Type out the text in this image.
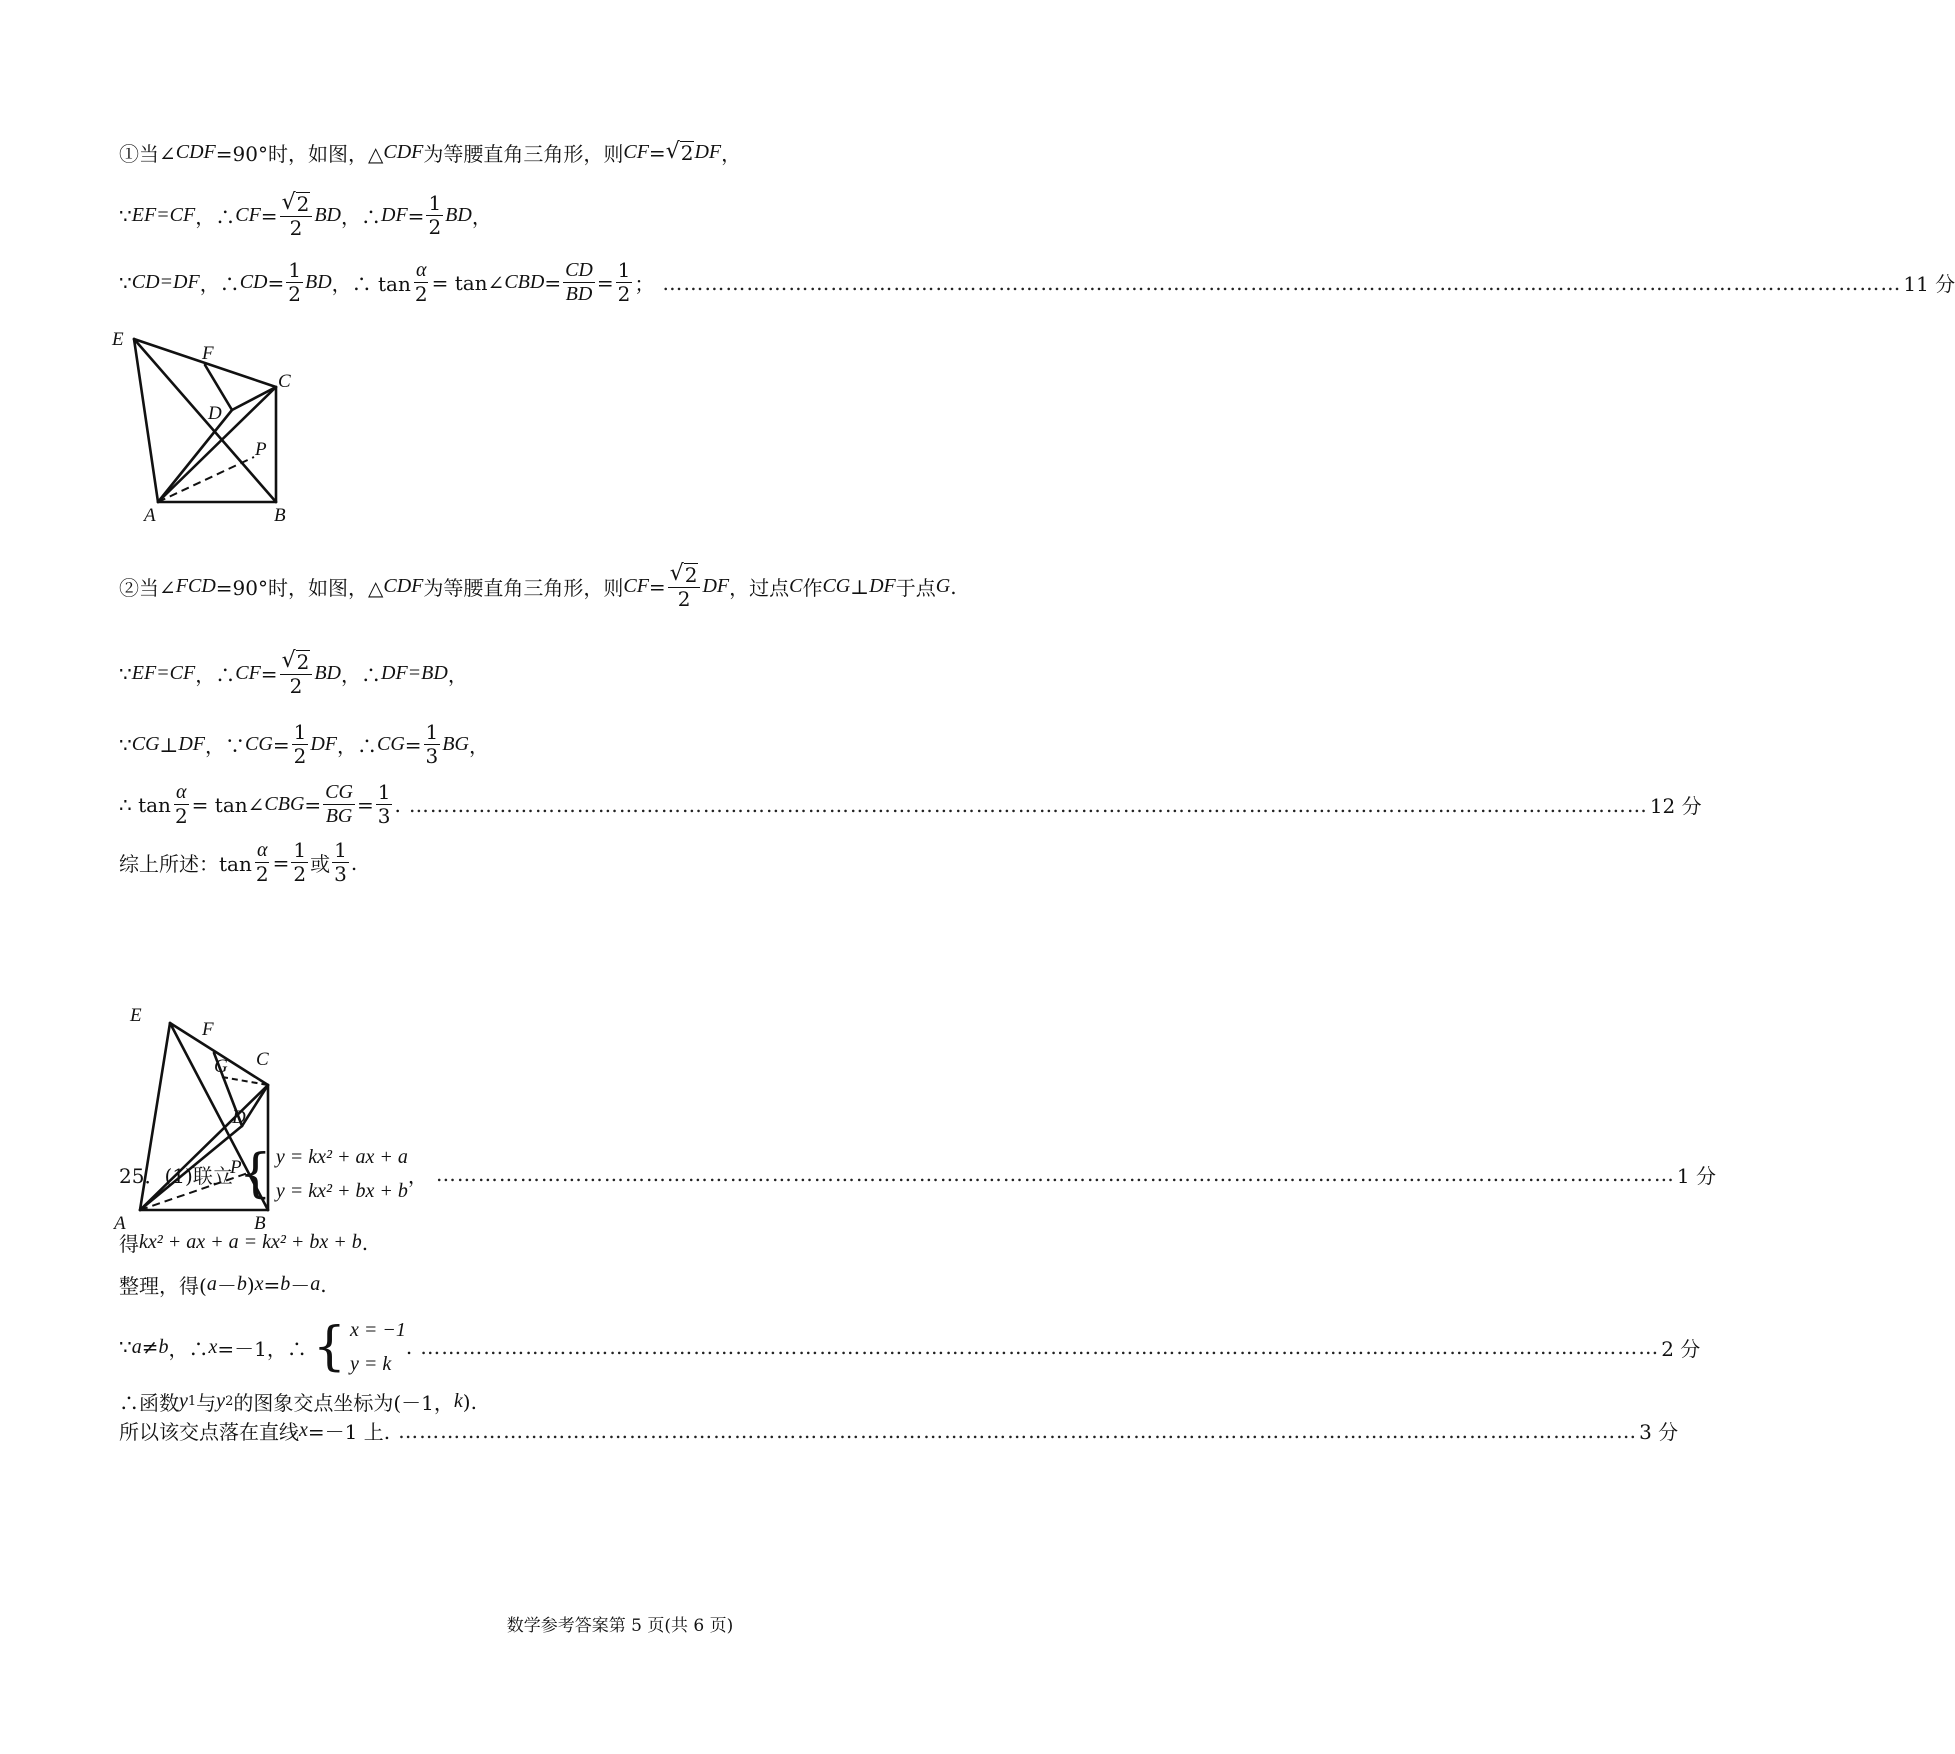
①当∠ CDF =90°时，如图，△ CDF 为等腰直角三角形，则 CF = √ 2 DF ，
∵ EF=CF ，∴ CF = $\frac{√ 2}{2}$ BD ，∴ DF = $\frac{1}{2}$ BD ，
∵ CD=DF ，∴ CD = $\frac{1}{2}$ BD ，∴ $\tan \frac{\alpha}{2}$ = tan∠ CBD = $\frac{CD}{BD} = \frac{1}{2}$ ； ……………………………………………………………………………………………………………………………………………………………	11 分
E
F
C
D
P
A	B
②当∠ FCD =90°时，如图，△ CDF 为等腰直角三角形，则 CF = $\frac{√ 2}{2}$ DF ，过点 C 作 CG ⊥ DF 于点 G .
∵ EF=CF ，∴ CF = $\frac{√ 2}{2}$ BD ，∴ DF=BD ，
∵ CG ⊥ DF ，∵ CG = $\frac{1}{2}$ DF ，∴ CG = $\frac{1}{3}$ BG ，
∴ $\tan \frac{\alpha}{2}$ = tan∠ CBG = $\frac{CG}{BG} = \frac{1}{3}$ . ……………………………………………………………………………………………………………………………………………………………	12 分
综上所述：$\tan \frac{\alpha}{2} = \frac{1}{2}$ 或 $\frac{1}{3}$ .
E
F
G C
D
P
A	B
25．(1)联立 { y = kx² + ax + a
y = kx² + bx + b
， ……………………………………………………………………………………………………………………………………………………………	1 分
得 kx² + ax + a = kx² + bx + b .
整理，得( a － b ) x = b － a .
∵ a ≠ b ，∴ x =－1，∴ { x = −1
y = k
. ……………………………………………………………………………………………………………………………………………………………	2 分
∴函数 y 1 与 y 2 的图象交点坐标为(－1， k ).
所以该交点落在直线 x =－1 上. ……………………………………………………………………………………………………………………………………………………………	3 分
数学参考答案第 5 页(共 6 页)
